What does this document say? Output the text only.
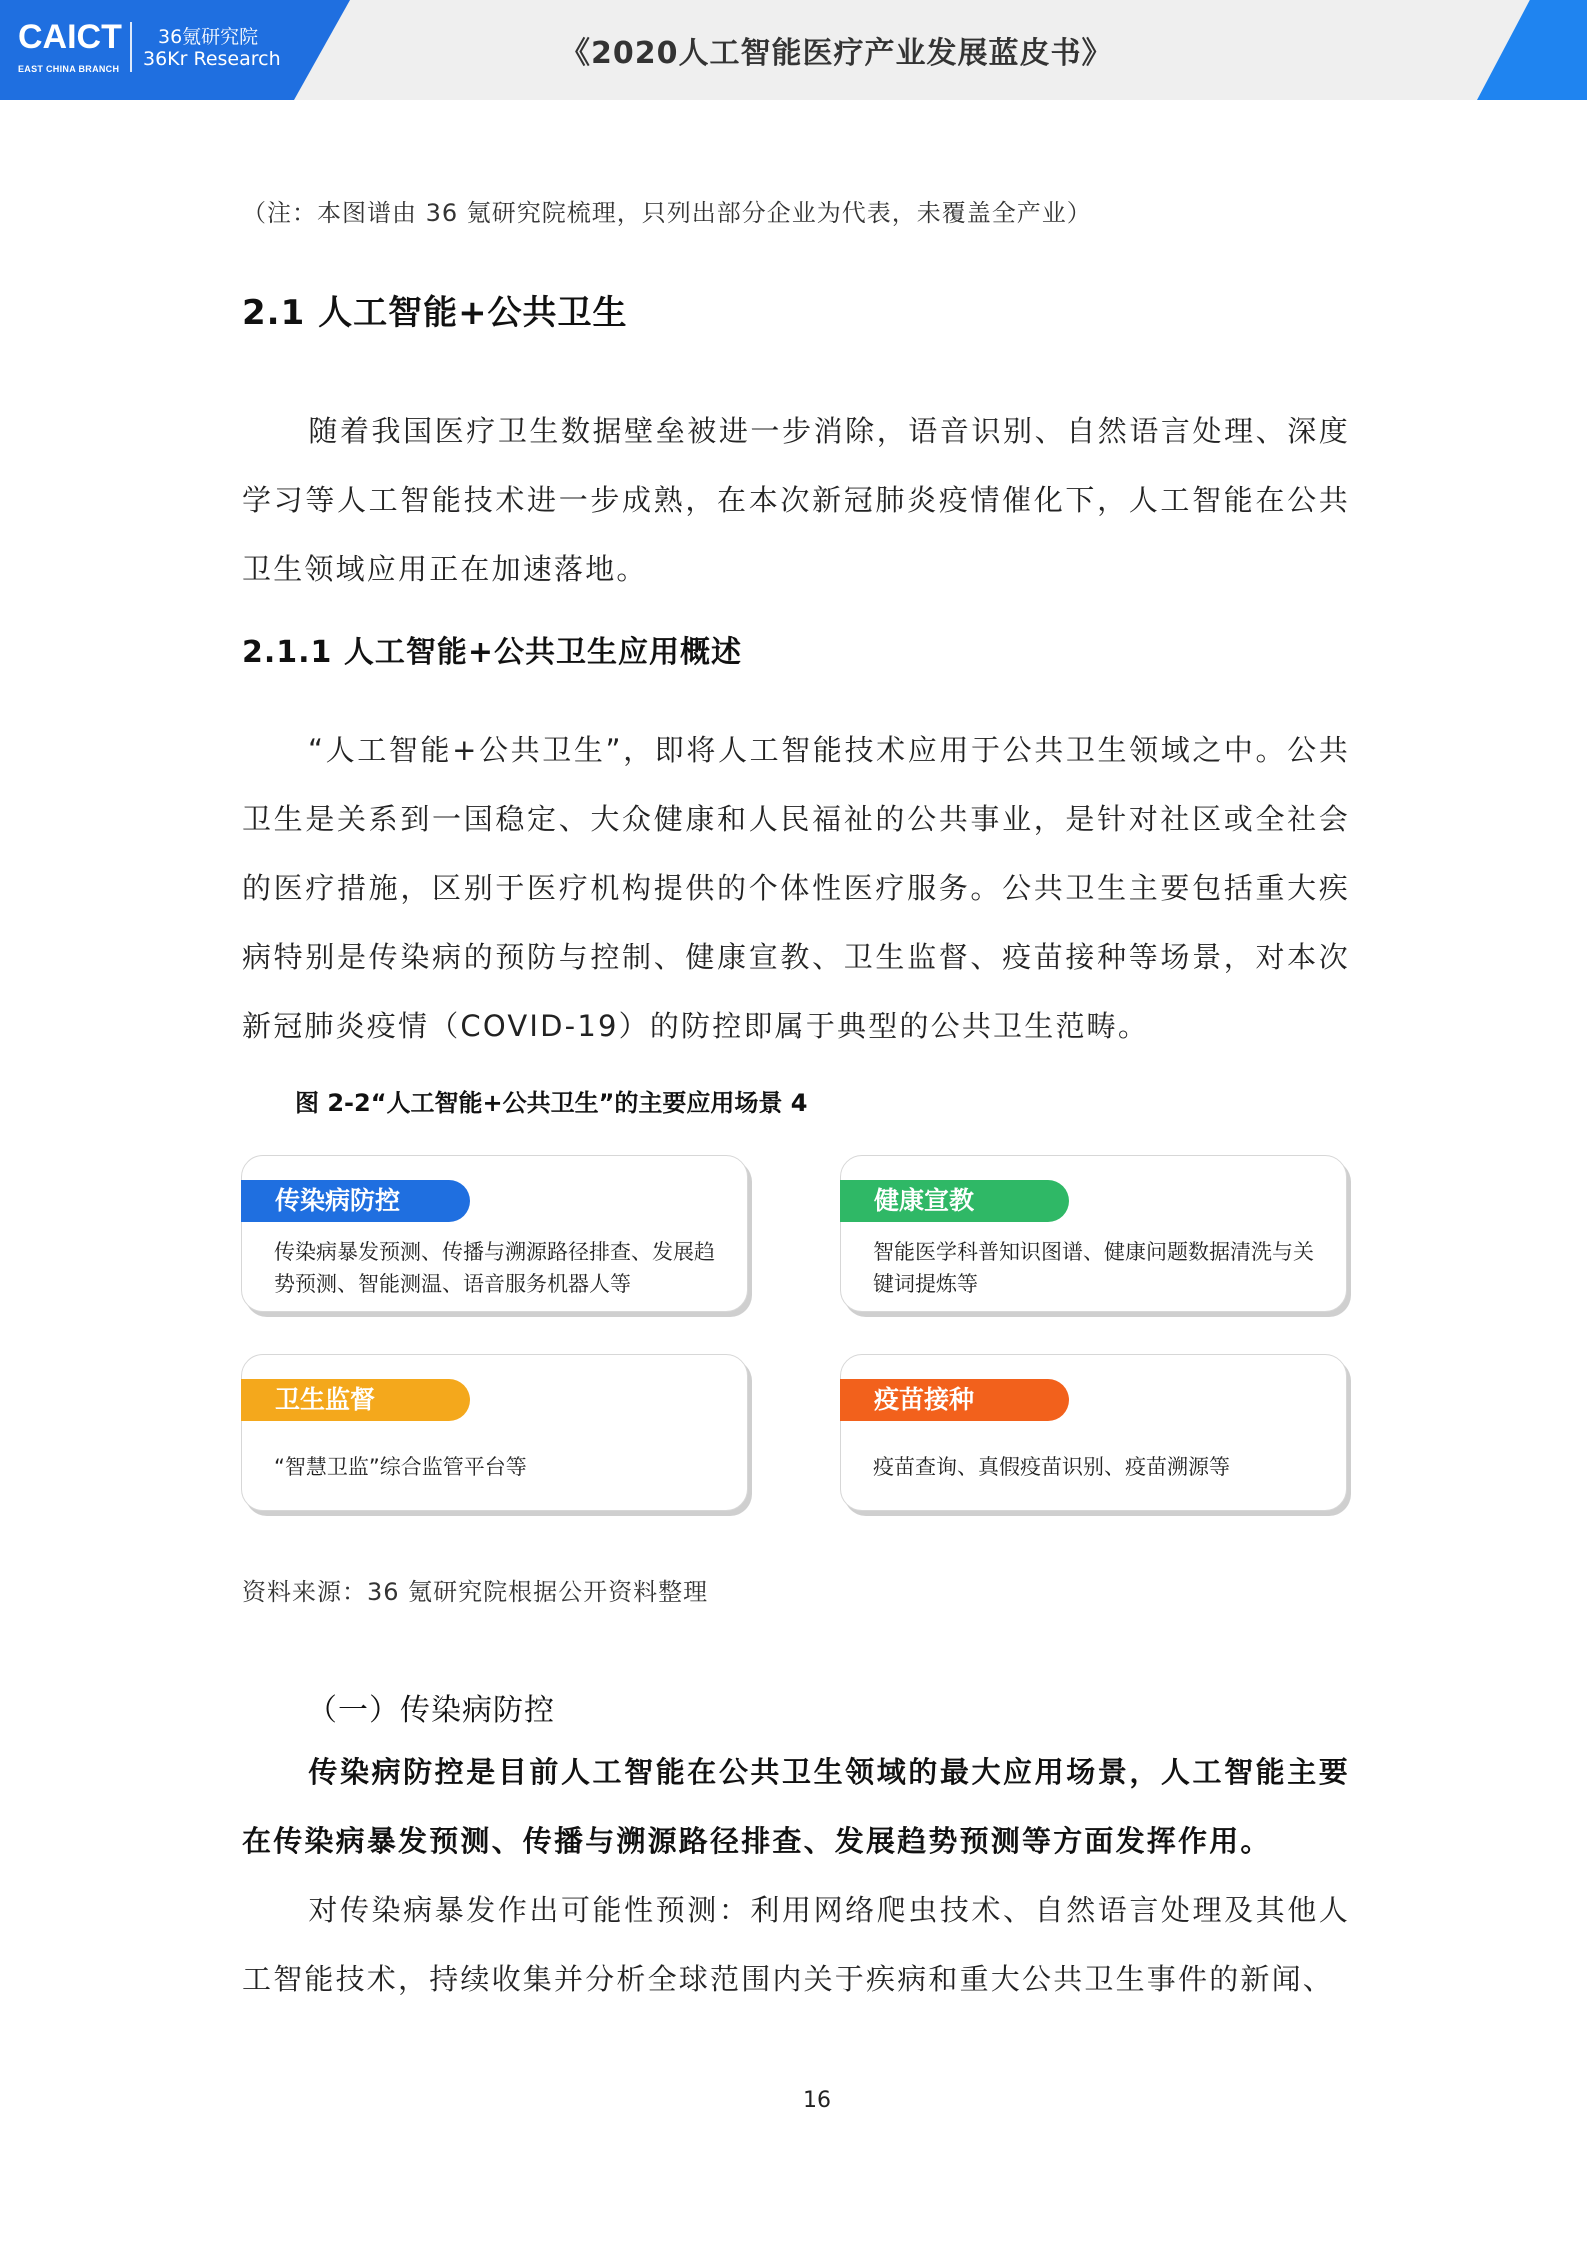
CAICT
EAST CHINA BRANCH
36氪研究院
36Kr Research	《2020人工智能医疗产业发展蓝皮书》
（注：本图谱由 36 氪研究院梳理，只列出部分企业为代表，未覆盖全产业）
2.1 人工智能+公共卫生

随着我国医疗卫生数据壁垒被进一步消除，语音识别、自然语言处理、深度学习等人工智能技术进一步成熟，在本次新冠肺炎疫情催化下，人工智能在公共卫生领域应用正在加速落地。

2.1.1 人工智能+公共卫生应用概述

“人工智能+公共卫生”，即将人工智能技术应用于公共卫生领域之中。公共卫生是关系到一国稳定、大众健康和人民福祉的公共事业，是针对社区或全社会的医疗措施，区别于医疗机构提供的个体性医疗服务。公共卫生主要包括重大疾病特别是传染病的预防与控制、健康宣教、卫生监督、疫苗接种等场景，对本次新冠肺炎疫情（COVID-19）的防控即属于典型的公共卫生范畴。

图 2-2“人工智能+公共卫生”的主要应用场景 4
传染病防控

传染病暴发预测、传播与溯源路径排查、发展趋势预测、智能测温、语音服务机器人等

健康宣教

智能医学科普知识图谱、健康问题数据清洗与关键词提炼等

卫生监督

“智慧卫监”综合监管平台等

疫苗接种

疫苗查询、真假疫苗识别、疫苗溯源等

资料来源：36 氪研究院根据公开资料整理
（一）传染病防控

传染病防控是目前人工智能在公共卫生领域的最大应用场景，人工智能主要在传染病暴发预测、传播与溯源路径排查、发展趋势预测等方面发挥作用。

对传染病暴发作出可能性预测：利用网络爬虫技术、自然语言处理及其他人工智能技术，持续收集并分析全球范围内关于疾病和重大公共卫生事件的新闻、

16
